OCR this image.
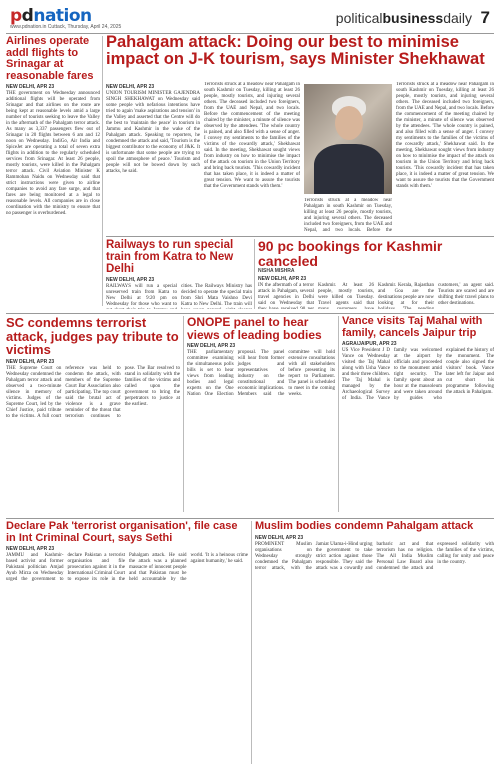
pdnation
www.pdnation.in Cuttack, Thursday, April 24, 2025
politicalbusinessdaily 7
Airlines operate addl flights to Srinagar at reasonable fares
NEW DELHI, APR 23
THE government on Wednesday announced additional flights will be operated from Srinagar and that airlines on the route are being kept at reasonable levels amid a large number of tourists seeking to leave the Valley in the aftermath of the Pahalgam terror attack. As many as 3,337 passengers flew out of Srinagar in 20 flights between 6 am and 12 noon on Wednesday. IndiGo, Air India and SpiceJet are operating a total of seven extra flights in addition to the regularly scheduled services from Srinagar. At least 26 people, mostly tourists, were killed in the Pahalgam terror attack. Civil Aviation Minister K Rammohan Naidu on Wednesday said that strict instructions were given to airline companies to avoid any fare surge, and that fares are being monitored at a legal to reasonable levels. All companies are in close coordination with the ministry to ensure that no passenger is overburdened.
Pahalgam attack: Doing our best to minimise impact on J-K tourism, says Minister Shekhawat
NEW DELHI, APR 23
UNION TOURISM MINISTER GAJENDRA SINGH SHEKHAWAT on Wednesday said some people with nefarious intentions have tried to again 'make aspirations and tension' in the Valley and asserted that the Centre will do the best to 'maintain the peace' in tourism in Jammu and Kashmir in the wake of the Pahalgam attack. Speaking to reporters, he condemned the attack and said, 'Tourism is the biggest contributor to the economy of J&K. It is unfortunate that some people are trying to spoil the atmosphere of peace.' Tourism and people will not be bowed down by such attacks, he said.
Terrorists struck at a meadow near Pahalgam in south Kashmir on Tuesday, killing at least 26 people, mostly tourists, and injuring several others. The deceased included two foreigners, from the UAE and Nepal, and two locals. Before the commencement of the meeting chaired by the minister, a minute of silence was observed by the attendees. 'The whole country is pained, and also filled with a sense of anger. I convey my sentiments to the families of the victims of the cowardly attack,' Shekhawat said. In the meeting, Shekhawat sought views from industry on how to minimise the impact of the attack on tourism in the Union Territory and bring back tourists. 'This cowardly incident that has taken place, it is indeed a matter of great tension. We want to assure the tourists that the Government stands with them.'
Terrorists struck at a meadow near Pahalgam in south Kashmir on Tuesday, killing at least 26 people, mostly tourists, and injuring several others. The deceased included two foreigners, from the UAE and Nepal, and two locals. Before the commencement of the meeting chaired by the minister, a minute of silence was observed by the attendees. 'The whole country is pained, and also filled with a sense of anger. I convey my sentiments to the families of the victims of the cowardly attack,' Shekhawat said. In the meeting, Shekhawat sought views from industry on how to minimise the impact of the attack on tourism in the Union Territory and bring back tourists. 'This cowardly incident that has taken place, it is indeed a matter of great tension. We want to assure the tourists that the Government stands with them.'
Terrorists struck at a meadow near Pahalgam in south Kashmir on Tuesday, killing at least 26 people, mostly tourists, and injuring several others. The deceased included two foreigners, from the UAE and Nepal, and two locals. Before the
Railways to run special train from Katra to New Delhi
NEW DELHI, APR 23
RAILWAYS will run a special unreserved train from Katra to New Delhi at 9:20 pm on Wednesday for those who want to cities. The Railways Ministry has decided to operate the special train from Shri Mata Vaishno Devi Katra to New Delhi. The train will
90 pc bookings for Kashmir canceled
NISHA MISHRA
NEW DELHI, APR 23
IN the aftermath of a terror attack in Pahalgam, several travel agencies in Delhi said on Wednesday that Kashmir. At least 26 people, mostly tourists, were killed on Tuesday. Travel agents said that Kashmir. Kerala, Rajasthan and Goa are the destinations people are now looking at for their customers,' an agent said. Tourists are scared and are shifting their travel plans to other destinations.
SC condemns terrorist attack, judges pay tribute to victims
NEW DELHI, APR 23
THE Supreme Court on Wednesday condemned the Pahalgam terror attack and observed a two-minute silence in memory of victims. Judges of the Supreme Court, led by the Chief Justice, paid tribute to the victims. A full court reference was held to condemn the attack, with members of the Supreme Court Bar Association also participating. The top court said the brutal act of violence is a grave reminder of the threat that terrorism continues to pose. The Bar resolved to stand in solidarity with the families of the victims and called upon the government to bring the perpetrators to justice at the earliest.
ONOPE panel to hear views of leading bodies
NEW DELHI, APR 23
THE parliamentary committee examining the simultaneous polls bills is set to hear views from leading bodies and legal experts on the One Nation One Election proposal. The panel will hear from former judges and representatives of industry on the constitutional and economic implications. Members said the committee will hold extensive consultations with all stakeholders before presenting its report to Parliament. The panel is scheduled to meet in the coming weeks.
Vance visits Taj Mahal with family, cancels Jaipur trip
AGRA/JAIPUR, APR 23
US Vice President J D Vance on Wednesday visited the Taj Mahal along with Usha Vance and their three children. The Taj Mahal is managed by the Archaeological Survey of India. The Vance family was welcomed at the airport by officials and proceeded to the monument amid tight security. The family spent about an hour at the mausoleum and were taken around by guides who explained the history of the monument. The couple also signed the visitors' book. Vance later left for Jaipur and cut short his programme following the attack in Pahalgam.
Declare Pak 'terrorist organisation', file case in Int Criminal Court, says Sethi
NEW DELHI, APR 23
JAMMU and Kashmir-based activist and former Pakistani politician Amjad Ayub Mirza on Wednesday urged the government to declare Pakistan a terrorist organisation and file prosecution against it in the International Criminal Court to expose its role in the Pahalgam attack. He said the attack was a planned massacre of innocent people and that Pakistan must be held accountable by the world. 'It is a heinous crime against humanity,' he said.
Muslim bodies condemn Pahalgam attack
NEW DELHI, APR 23
PROMINENT Muslim organisations on Wednesday strongly condemned the Pahalgam terror attack, with the Jamiat Ulama-i-Hind urging the government to take strict action against those responsible. They said the attack was a cowardly and barbaric act and that terrorism has no religion. The All India Muslim Personal Law Board also condemned the attack and expressed solidarity with the families of the victims, calling for unity and peace in the country.
